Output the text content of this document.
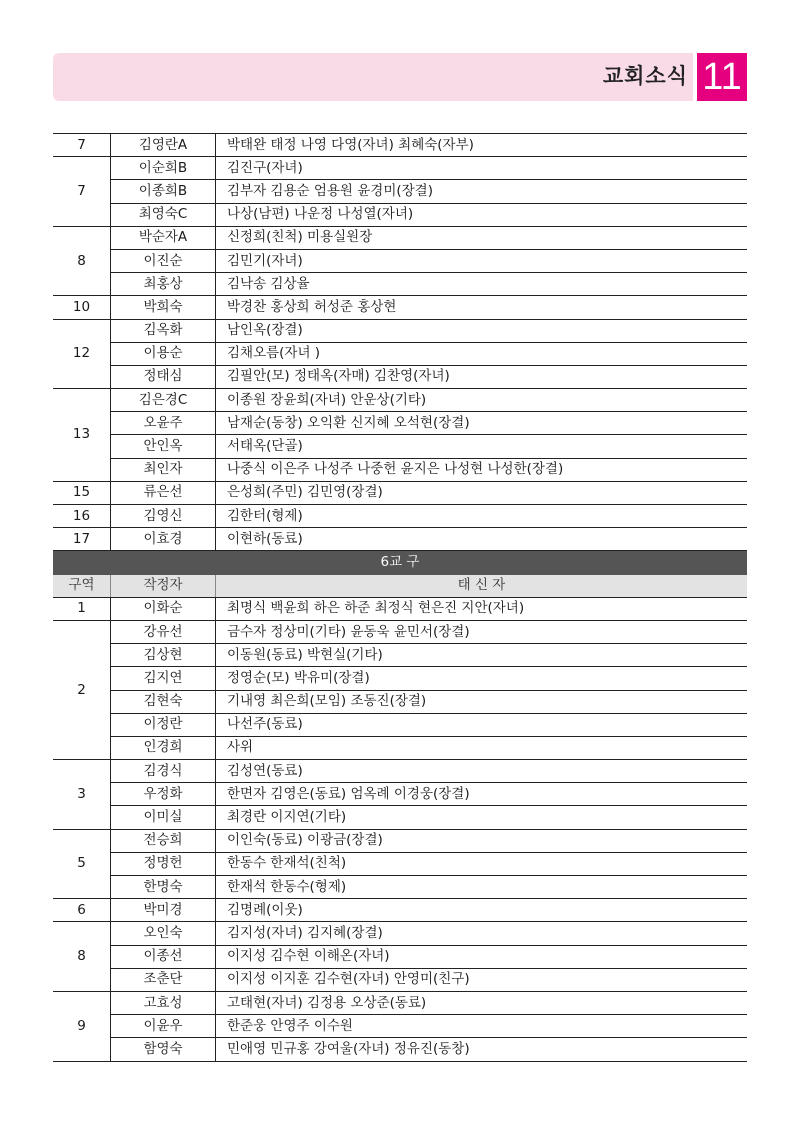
교회소식 11
7	김영란A	박태완 태정 나영 다영(자녀) 최혜숙(자부)
7	이순희B	김진구(자녀)
	이종희B	김부자 김용순 엄용원 윤경미(장결)
	최영숙C	나상(남편) 나운정 나성열(자녀)
8	박순자A	신정희(친척) 미용실원장
	이진순	김민기(자녀)
	최홍상	김낙송 김상율
10	박희숙	박경찬 홍상희 허성준 홍상현
12	김옥화	남인옥(장결)
	이용순	김채오름(자녀 )
	정태심	김필안(모) 정태옥(자매) 김찬영(자녀)
13	김은경C	이종원 장윤희(자녀) 안운상(기타)
	오윤주	남재순(동창) 오익환 신지혜 오석현(장결)
	안인옥	서태옥(단골)
	최인자	나중식 이은주 나성주 나중헌 윤지은 나성현 나성한(장결)
15	류은선	은성희(주민) 김민영(장결)
16	김영신	김한터(형제)
17	이효경	이현하(동료)
6교 구		
구역	작정자	태 신 자
1	이화순	최명식 백윤희 하은 하준 최정식 현은진 지안(자녀)
2	강유선	금수자 정상미(기타) 윤동욱 윤민서(장결)
	김상현	이동원(동료) 박현실(기타)
	김지연	정영순(모) 박유미(장결)
	김현숙	기내영 최은희(모임) 조동진(장결)
	이정란	나선주(동료)
	인경희	사위
3	김경식	김성연(동료)
	우정화	한면자 김영은(동료) 엄옥례 이경웅(장결)
	이미실	최경란 이지연(기타)
5	전승희	이인숙(동료) 이광금(장결)
	정명헌	한동수 한재석(친척)
	한명숙	한재석 한동수(형제)
6	박미경	김명례(이웃)
8	오인숙	김지성(자녀) 김지혜(장결)
	이종선	이지성 김수현 이해온(자녀)
	조춘단	이지성 이지훈 김수현(자녀) 안영미(친구)
9	고효성	고태현(자녀) 김정용 오상준(동료)
	이윤우	한준웅 안영주 이수원
	함영숙	민애영 민규홍 강여울(자녀) 정유진(동창)
